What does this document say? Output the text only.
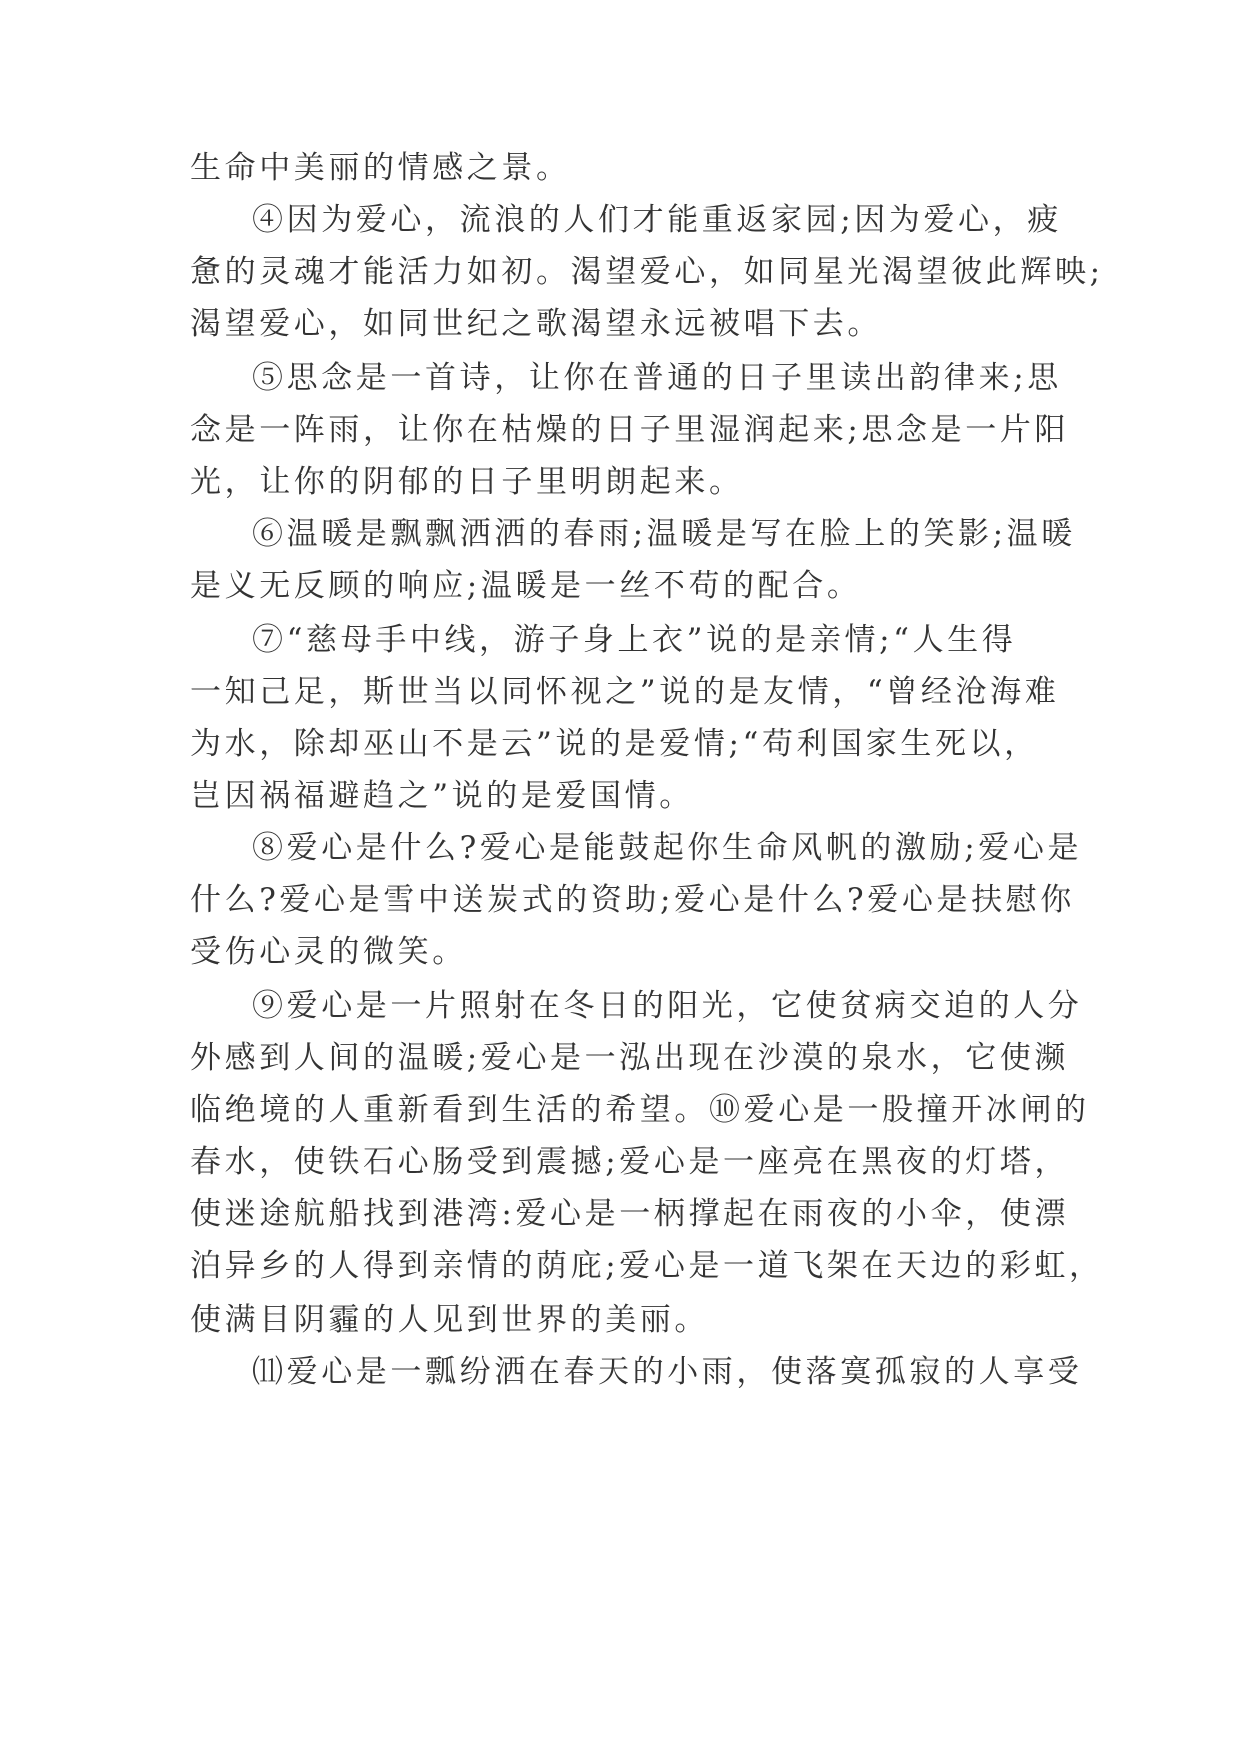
生命中美丽的情感之景。
④因为爱心，流浪的人们才能重返家园;因为爱心，疲
惫的灵魂才能活力如初。渴望爱心，如同星光渴望彼此辉映;
渴望爱心，如同世纪之歌渴望永远被唱下去。
⑤思念是一首诗，让你在普通的日子里读出韵律来;思
念是一阵雨，让你在枯燥的日子里湿润起来;思念是一片阳
光，让你的阴郁的日子里明朗起来。
⑥温暖是飘飘洒洒的春雨;温暖是写在脸上的笑影;温暖
是义无反顾的响应;温暖是一丝不苟的配合。
⑦“慈母手中线，游子身上衣”说的是亲情;“人生得
一知己足，斯世当以同怀视之”说的是友情，“曾经沧海难
为水，除却巫山不是云”说的是爱情;“苟利国家生死以，
岂因祸福避趋之”说的是爱国情。
⑧爱心是什么?爱心是能鼓起你生命风帆的激励;爱心是
什么?爱心是雪中送炭式的资助;爱心是什么?爱心是扶慰你
受伤心灵的微笑。
⑨爱心是一片照射在冬日的阳光，它使贫病交迫的人分
外感到人间的温暖;爱心是一泓出现在沙漠的泉水，它使濒
临绝境的人重新看到生活的希望。⑩爱心是一股撞开冰闸的
春水，使铁石心肠受到震撼;爱心是一座亮在黑夜的灯塔，
使迷途航船找到港湾:爱心是一柄撑起在雨夜的小伞，使漂
泊异乡的人得到亲情的荫庇;爱心是一道飞架在天边的彩虹，
使满目阴霾的人见到世界的美丽。
⑾爱心是一瓢纷洒在春天的小雨，使落寞孤寂的人享受
